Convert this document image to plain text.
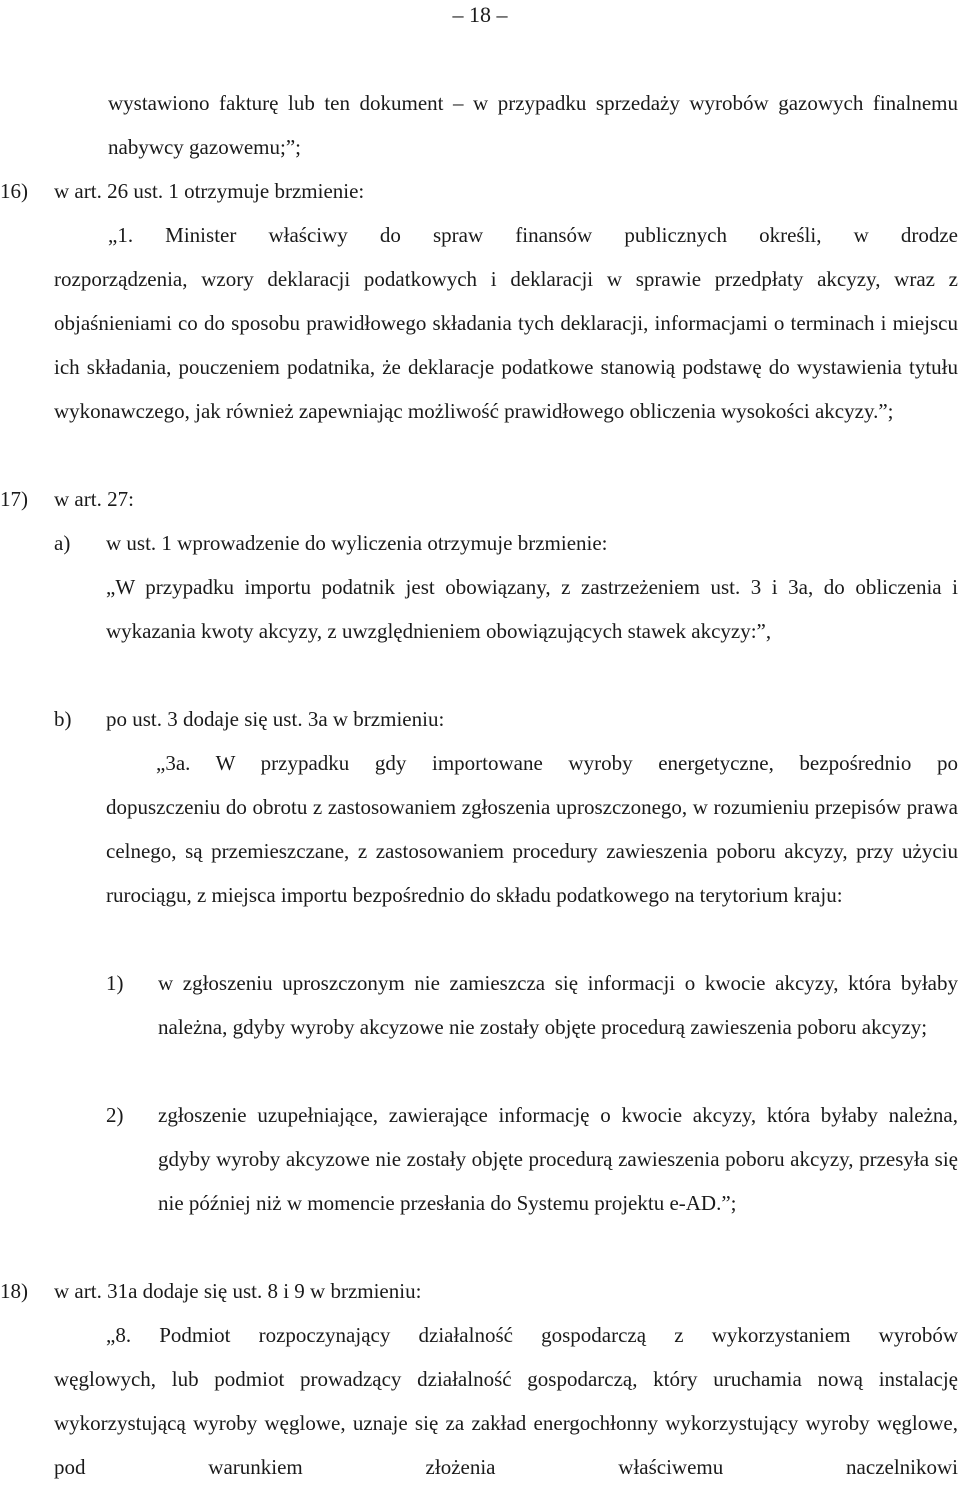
– 18 –
wystawiono fakturę lub ten dokument – w przypadku sprzedaży wyrobów gazowych finalnemu nabywcy gazowemu;”;
16) w art. 26 ust. 1 otrzymuje brzmienie:
„1. Minister właściwy do spraw finansów publicznych określi, w drodze
rozporządzenia, wzory deklaracji podatkowych i deklaracji w sprawie przedpłaty akcyzy, wraz z objaśnieniami co do sposobu prawidłowego składania tych deklaracji, informacjami o terminach i miejscu ich składania, pouczeniem podatnika, że deklaracje podatkowe stanowią podstawę do wystawienia tytułu wykonawczego, jak również zapewniając możliwość prawidłowego obliczenia wysokości akcyzy.”;
17) w art. 27:
a) w ust. 1 wprowadzenie do wyliczenia otrzymuje brzmienie:
„W przypadku importu podatnik jest obowiązany, z zastrzeżeniem ust. 3 i 3a, do obliczenia i wykazania kwoty akcyzy, z uwzględnieniem obowiązujących stawek akcyzy:”,
b) po ust. 3 dodaje się ust. 3a w brzmieniu:
„3a. W przypadku gdy importowane wyroby energetyczne, bezpośrednio po
dopuszczeniu do obrotu z zastosowaniem zgłoszenia uproszczonego, w rozumieniu przepisów prawa celnego, są przemieszczane, z zastosowaniem procedury zawieszenia poboru akcyzy, przy użyciu rurociągu, z miejsca importu bezpośrednio do składu podatkowego na terytorium kraju:
1) w zgłoszeniu uproszczonym nie zamieszcza się informacji o kwocie akcyzy, która byłaby należna, gdyby wyroby akcyzowe nie zostały objęte procedurą zawieszenia poboru akcyzy;
2) zgłoszenie uzupełniające, zawierające informację o kwocie akcyzy, która byłaby należna, gdyby wyroby akcyzowe nie zostały objęte procedurą zawieszenia poboru akcyzy, przesyła się nie później niż w momencie przesłania do Systemu projektu e-AD.”;
18) w art. 31a dodaje się ust. 8 i 9 w brzmieniu:
„8. Podmiot rozpoczynający działalność gospodarczą z wykorzystaniem wyrobów
węglowych, lub podmiot prowadzący działalność gospodarczą, który uruchamia nową instalację wykorzystującą wyroby węglowe, uznaje się za zakład energochłonny wykorzystujący wyroby węglowe, pod warunkiem złożenia właściwemu naczelnikowi
